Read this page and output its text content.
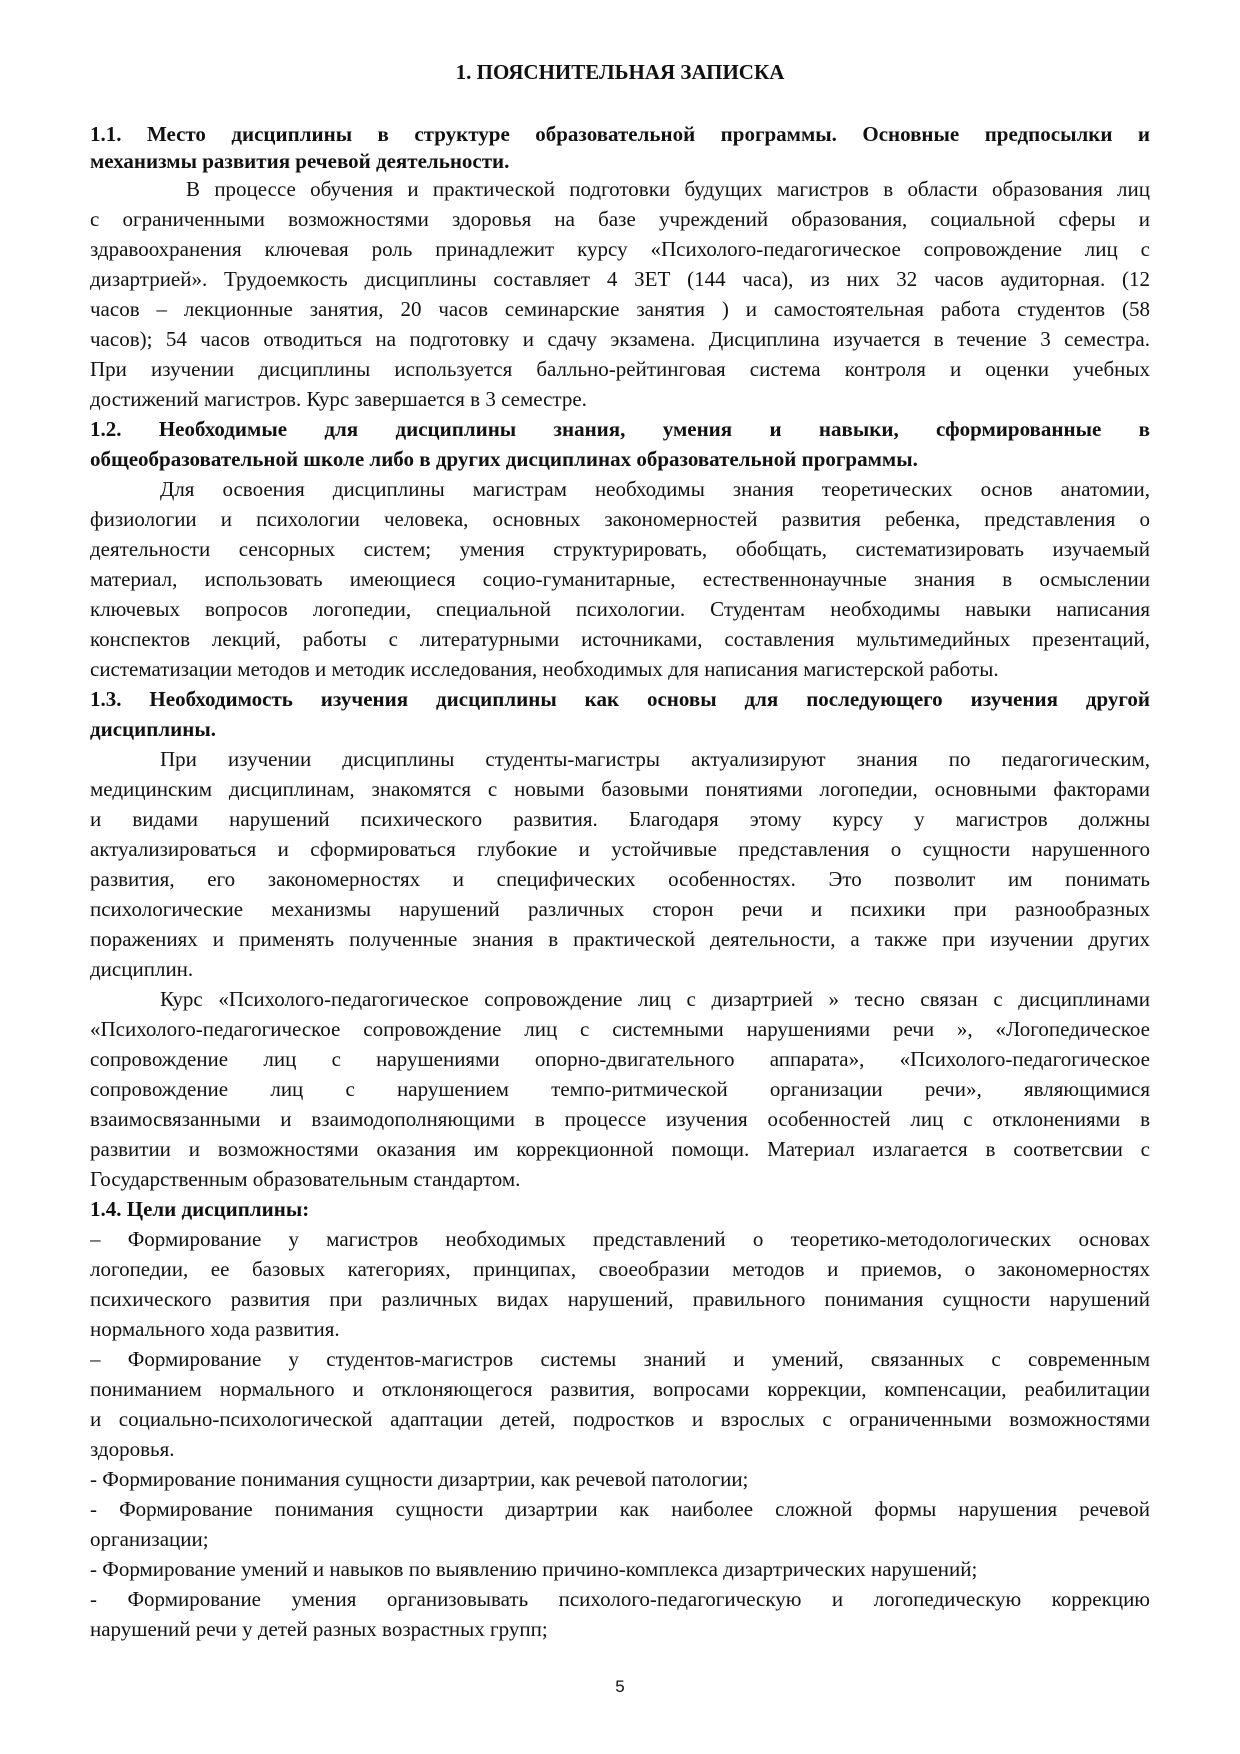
1. ПОЯСНИТЕЛЬНАЯ ЗАПИСКА
1.1. Место дисциплины в структуре образовательной программы. Основные предпосылки и
механизмы развития речевой деятельности.
В процессе обучения и практической подготовки будущих магистров в области образования лиц
с ограниченными возможностями здоровья на базе учреждений образования, социальной сферы и
здравоохранения ключевая роль принадлежит курсу «Психолого-педагогическое сопровождение лиц с
дизартрией». Трудоемкость дисциплины составляет 4 ЗЕТ (144 часа), из них 32 часов аудиторная. (12
часов – лекционные занятия, 20 часов семинарские занятия ) и самостоятельная работа студентов (58
часов); 54 часов отводиться на подготовку и сдачу экзамена. Дисциплина изучается в течение 3 семестра.
При изучении дисциплины используется балльно-рейтинговая система контроля и оценки учебных
достижений магистров. Курс завершается в 3 семестре.
1.2. Необходимые для дисциплины знания, умения и навыки, сформированные в
общеобразовательной школе либо в других дисциплинах образовательной программы.
Для освоения дисциплины магистрам необходимы знания теоретических основ анатомии,
физиологии и психологии человека, основных закономерностей развития ребенка, представления о
деятельности сенсорных систем; умения структурировать, обобщать, систематизировать изучаемый
материал, использовать имеющиеся социо-гуманитарные, естественнонаучные знания в осмыслении
ключевых вопросов логопедии, специальной психологии. Студентам необходимы навыки написания
конспектов лекций, работы с литературными источниками, составления мультимедийных презентаций,
систематизации методов и методик исследования, необходимых для написания магистерской работы.
1.3. Необходимость изучения дисциплины как основы для последующего изучения другой
дисциплины.
При изучении дисциплины студенты-магистры актуализируют знания по педагогическим,
медицинским дисциплинам, знакомятся с новыми базовыми понятиями логопедии, основными факторами
и видами нарушений психического развития. Благодаря этому курсу у магистров должны
актуализироваться и сформироваться глубокие и устойчивые представления о сущности нарушенного
развития, его закономерностях и специфических особенностях. Это позволит им понимать
психологические механизмы нарушений различных сторон речи и психики при разнообразных
поражениях и применять полученные знания в практической деятельности, а также при изучении других
дисциплин.
Курс «Психолого-педагогическое сопровождение лиц с дизартрией » тесно связан с дисциплинами
«Психолого-педагогическое сопровождение лиц с системными нарушениями речи », «Логопедическое
сопровождение лиц с нарушениями опорно-двигательного аппарата», «Психолого-педагогическое
сопровождение лиц с нарушением темпо-ритмической организации речи», являющимися
взаимосвязанными и взаимодополняющими в процессе изучения особенностей лиц с отклонениями в
развитии и возможностями оказания им коррекционной помощи. Материал излагается в соответсвии с
Государственным образовательным стандартом.
1.4. Цели дисциплины:
– Формирование у магистров необходимых представлений о теоретико-методологических основах
логопедии, ее базовых категориях, принципах, своеобразии методов и приемов, о закономерностях
психического развития при различных видах нарушений, правильного понимания сущности нарушений
нормального хода развития.
– Формирование у студентов-магистров системы знаний и умений, связанных с современным
пониманием нормального и отклоняющегося развития, вопросами коррекции, компенсации, реабилитации
и социально-психологической адаптации детей, подростков и взрослых с ограниченными возможностями
здоровья.
- Формирование понимания сущности дизартрии, как речевой патологии;
- Формирование понимания сущности дизартрии как наиболее сложной формы нарушения речевой
организации;
- Формирование умений и навыков по выявлению причино-комплекса дизартрических нарушений;
- Формирование умения организовывать психолого-педагогическую и логопедическую коррекцию
нарушений речи у детей разных возрастных групп;
5
